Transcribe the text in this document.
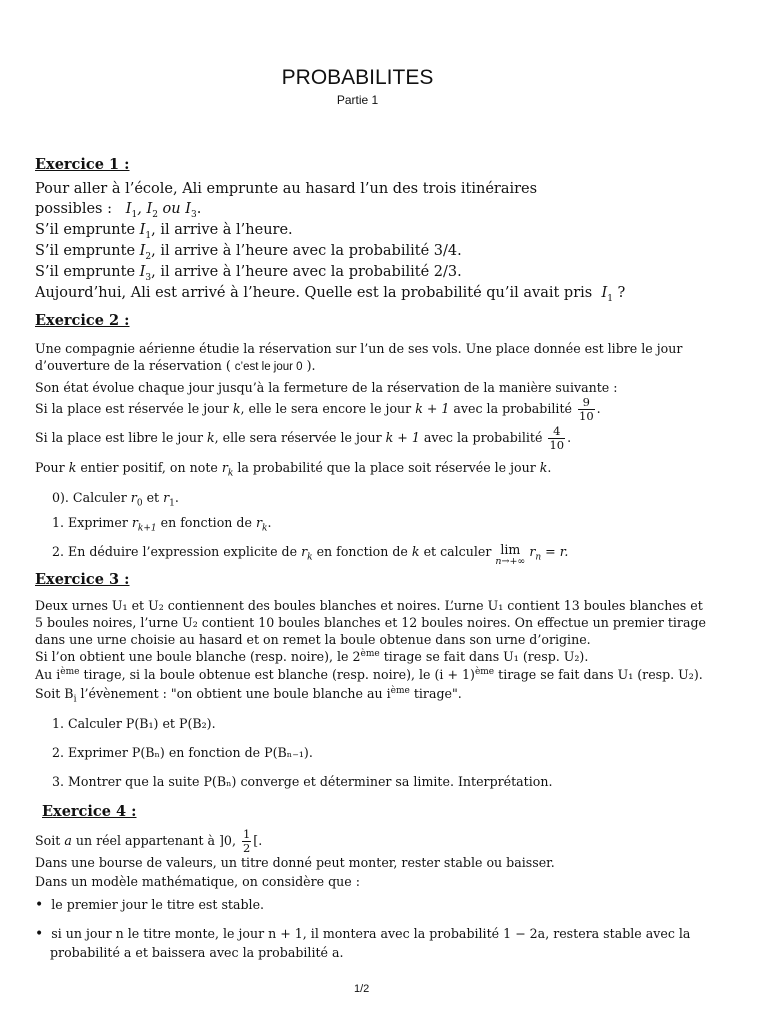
PROBABILITES
Partie 1
Exercice 1 :
Pour aller à l’école, Ali emprunte au hasard l’un des trois itinéraires
possibles : $I_1$, $I_2$ ou $I_3$.
S’il emprunte $I_1$, il arrive à l’heure.
S’il emprunte $I_2$, il arrive à l’heure avec la probabilité 3/4.
S’il emprunte $I_3$, il arrive à l’heure avec la probabilité 2/3.
Aujourd’hui, Ali est arrivé à l’heure. Quelle est la probabilité qu’il avait pris $I_1$ ?
Exercice 2 :
Une compagnie aérienne étudie la réservation sur l’un de ses vols. Une place donnée est libre le jour
d’ouverture de la réservation ( c’est le jour 0 ).
Son état évolue chaque jour jusqu’à la fermeture de la réservation de la manière suivante :
Si la place est réservée le jour k, elle le sera encore le jour k + 1 avec la probabilité $\frac{9}{10}$ .
Si la place est libre le jour k, elle sera réservée le jour k + 1 avec la probabilité $\frac{4}{10}$ .
Pour k entier positif, on note $r_k$ la probabilité que la place soit réservée le jour k.
0). Calculer $r_0$ et $r_1$.
1. Exprimer $r_{k+1}$ en fonction de $r_k$.
2. En déduire l’expression explicite de $r_k$ en fonction de k et calculer lim
n→+∞
$r_n = r$.
Exercice 3 :
Deux urnes U₁ et U₂ contiennent des boules blanches et noires. L’urne U₁ contient 13 boules blanches et
5 boules noires, l’urne U₂ contient 10 boules blanches et 12 boules noires. On effectue un premier tirage
dans une urne choisie au hasard et on remet la boule obtenue dans son urne d’origine.
Si l’on obtient une boule blanche (resp. noire), le 2ème tirage se fait dans U₁ (resp. U₂).
Au $i^{ème}$ tirage, si la boule obtenue est blanche (resp. noire), le $(i + 1)^{ème}$ tirage se fait dans U₁ (resp. U₂).
Soit $B_i$ l’évènement : "on obtient une boule blanche au $i^{ème}$ tirage".
1. Calculer P(B₁) et P(B₂).
2. Exprimer P(Bₙ) en fonction de P(Bₙ₋₁).
3. Montrer que la suite P(Bₙ) converge et déterminer sa limite. Interprétation.
Exercice 4 :
Soit a un réel appartenant à ]0, $\frac{1}{2}$ [.
Dans une bourse de valeurs, un titre donné peut monter, rester stable ou baisser.
Dans un modèle mathématique, on considère que :
• le premier jour le titre est stable.
• si un jour n le titre monte, le jour n + 1, il montera avec la probabilité 1 − 2a, restera stable avec la
probabilité a et baissera avec la probabilité a.
1/2
